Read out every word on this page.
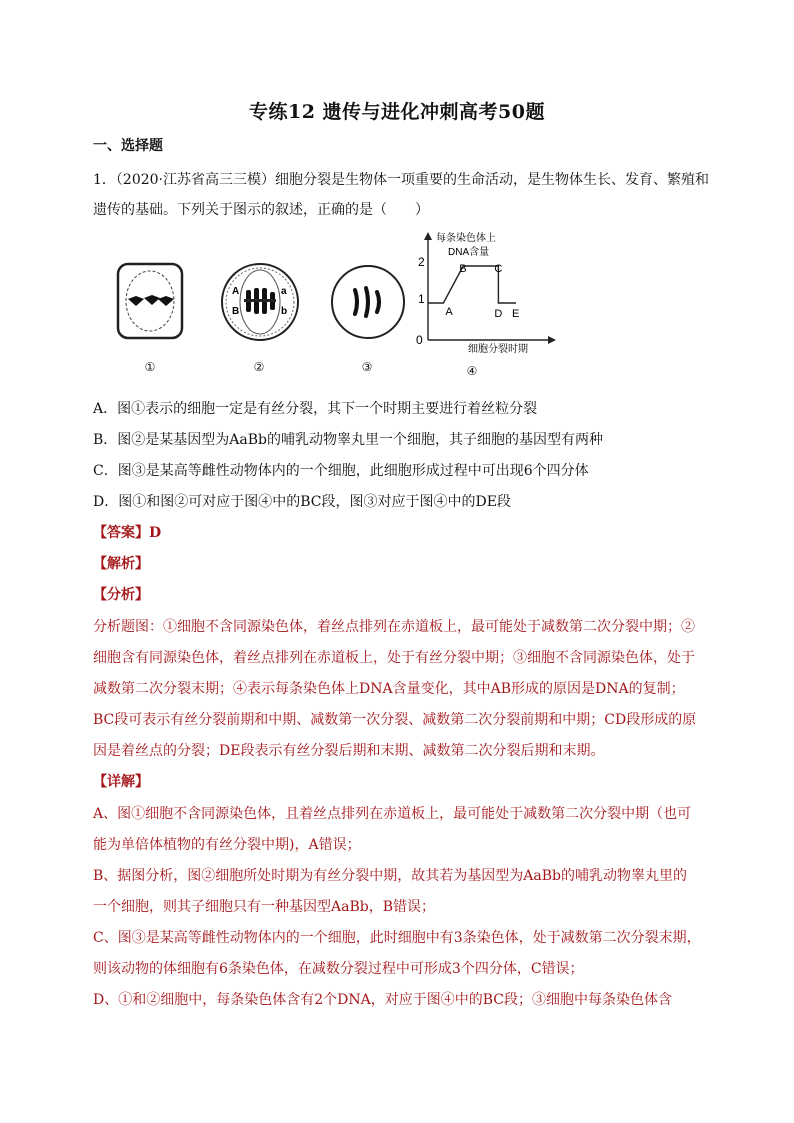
专练12 遗传与进化冲刺高考50题
一、选择题
1．（2020·江苏省高三三模）细胞分裂是生物体一项重要的生命活动，是生物体生长、发育、繁殖和
遗传的基础。下列关于图示的叙述，正确的是（　　）
A	a
B	b
每条染色体上
DNA含量
细胞分裂时期
0
1
2
A
B	C
D E
①	②	③	④
A．图①表示的细胞一定是有丝分裂，其下一个时期主要进行着丝粒分裂
B．图②是某基因型为AaBb的哺乳动物睾丸里一个细胞，其子细胞的基因型有两种
C．图③是某高等雌性动物体内的一个细胞，此细胞形成过程中可出现6个四分体
D．图①和图②可对应于图④中的BC段，图③对应于图④中的DE段
【答案】D
【解析】
【分析】
分析题图：①细胞不含同源染色体，着丝点排列在赤道板上，最可能处于减数第二次分裂中期；②
细胞含有同源染色体，着丝点排列在赤道板上，处于有丝分裂中期；③细胞不含同源染色体，处于
减数第二次分裂末期；④表示每条染色体上DNA含量变化，其中AB形成的原因是DNA的复制；
BC段可表示有丝分裂前期和中期、减数第一次分裂、减数第二次分裂前期和中期；CD段形成的原
因是着丝点的分裂；DE段表示有丝分裂后期和末期、减数第二次分裂后期和末期。
【详解】
A、图①细胞不含同源染色体，且着丝点排列在赤道板上，最可能处于减数第二次分裂中期（也可
能为单倍体植物的有丝分裂中期)，A错误；
B、据图分析，图②细胞所处时期为有丝分裂中期，故其若为基因型为AaBb的哺乳动物睾丸里的
一个细胞，则其子细胞只有一种基因型AaBb，B错误；
C、图③是某高等雌性动物体内的一个细胞，此时细胞中有3条染色体，处于减数第二次分裂末期，
则该动物的体细胞有6条染色体，在减数分裂过程中可形成3个四分体，C错误；
D、①和②细胞中，每条染色体含有2个DNA，对应于图④中的BC段；③细胞中每条染色体含
